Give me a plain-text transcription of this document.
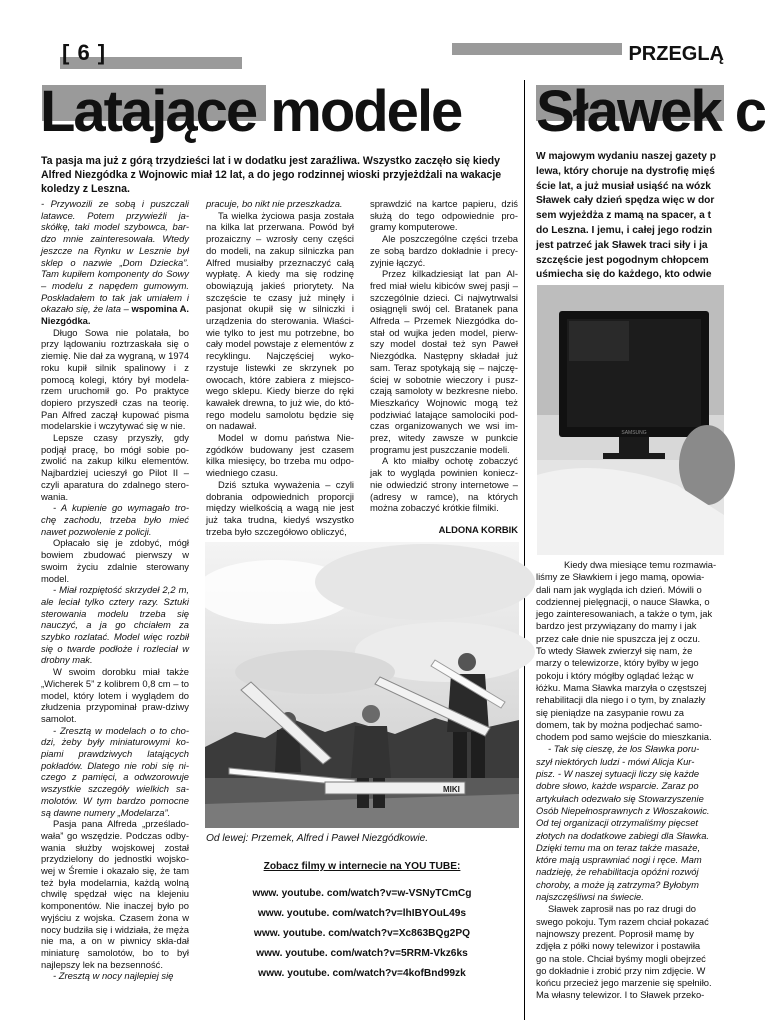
[ 6 ]	PRZEGLĄ
Latające modele
Ta pasja ma już z górą trzydzieści lat i w dodatku jest zaraźliwa. Wszystko zaczęło się kiedy Alfred Niezgódka z Wojnowic miał 12 lat, a do jego rodzinnej wioski przyjeżdżali na wakacje koledzy z Leszna.

- Przywozili ze sobą i puszczali latawce. Potem przywieźli ja-skółkę, taki model szybowca, bar-dzo mnie zainteresowała. Wtedy jeszcze na Rynku w Lesznie był sklep o nazwie „Dom Dziecka”. Tam kupiłem komponenty do Sowy – modelu z napędem gumowym. Poskładałem to tak jak umiałem i okazało się, że lata – wspomina A. Niezgódka.

Długo Sowa nie polatała, bo przy lądowaniu roztrzaskała się o ziemię. Nie dał za wygraną, w 1974 roku kupił silnik spalinowy i z pomocą kolegi, który był modela-rzem uruchomił go. Po praktyce dopiero przyszedł czas na teorię. Pan Alfred zaczął kupować pisma modelarskie i wczytywać się w nie.

Lepsze czasy przyszły, gdy podjął pracę, bo mógł sobie po-zwolić na zakup kilku elementów. Najbardziej ucieszył go Pilot II – czyli aparatura do zdalnego stero-wania.

- A kupienie go wymagało tro-chę zachodu, trzeba było mieć nawet pozwolenie z policji.

Opłacało się je zdobyć, mógł bowiem zbudować pierwszy w swoim życiu zdalnie sterowany model.

- Miał rozpiętość skrzydeł 2,2 m, ale leciał tylko cztery razy. Sztuki sterowania modelu trzeba się nauczyć, a ja go chciałem za szybko rozlatać. Model więc rozbił się o twarde podłoże i rozleciał w drobny mak.

W swoim dorobku miał także „Wicherek 5” z kolibrem 0,8 cm – to model, który lotem i wyglądem do złudzenia przypominał praw-dziwy samolot.

- Zresztą w modelach o to cho-dzi, żeby były miniaturowymi ko-piami prawdziwych latających pokładów. Dlatego nie robi się ni-czego z pamięci, a odwzorowuje wszystkie szczegóły wielkich sa-molotów. W tym bardzo pomocne są dawne numery „Modelarza”.

Pasja pana Alfreda „prześlado-wała” go wszędzie. Podczas odby-wania służby wojskowej został przydzielony do jednostki wojsko-wej w Śremie i okazało się, że tam też była modelarnia, każdą wolną chwilę spędzał więc na klejeniu komponentów. Nie inaczej było po wyjściu z wojska. Czasem żona w nocy budziła się i widziała, że męża nie ma, a on w piwnicy skła-dał miniaturę samolotów, bo to był najlepszy lek na bezsenność.

- Zresztą w nocy najlepiej się

pracuje, bo nikt nie przeszkadza.

Ta wielka życiowa pasja została na kilka lat przerwana. Powód był prozaiczny – wzrosły ceny części do modeli, na zakup silniczka pan Alfred musiałby przeznaczyć całą wypłatę. A kiedy ma się rodzinę obowiązują jakieś priorytety. Na szczęście te czasy już minęły i pasjonat okupił się w silniczki i urządzenia do sterowania. Właści-wie tylko to jest mu potrzebne, bo cały model powstaje z elementów z recyklingu. Najczęściej wyko-rzystuje listewki ze skrzynek po owocach, które zabiera z miejsco-wego sklepu. Kiedy bierze do ręki kawałek drewna, to już wie, do któ-rego modelu samolotu będzie się on nadawał.

Model w domu państwa Nie-zgódków budowany jest czasem kilka miesięcy, bo trzeba mu odpo-wiedniego czasu.

Dziś sztuka wyważenia – czyli dobrania odpowiednich proporcji między wielkością a wagą nie jest już taka trudna, kiedyś wszystko trzeba było szczegółowo obliczyć,

sprawdzić na kartce papieru, dziś służą do tego odpowiednie pro-gramy komputerowe.

Ale poszczególne części trzeba ze sobą bardzo dokładnie i precy-zyjnie łączyć.

Przez kilkadziesiąt lat pan Al-fred miał wielu kibiców swej pasji – szczególnie dzieci. Ci najwytrwalsi osiągnęli swój cel. Bratanek pana Alfreda – Przemek Niezgódka do-stał od wujka jeden model, pierw-szy model dostał też syn Paweł Niezgódka. Następny składał już sam. Teraz spotykają się – najczę-ściej w sobotnie wieczory i pusz-czają samoloty w bezkresne niebo. Mieszkańcy Wojnowic mogą też podziwiać latające samolociki pod-czas organizowanych we wsi im-prez, witedy zawsze w punkcie programu jest puszczanie modeli.

A kto miałby ochotę zobaczyć jak to wygląda powinien koniecz-nie odwiedzić strony internetowe – (adresy w ramce), na których można zobaczyć krótkie filmiki.

ALDONA KORBIK
MIKI
Od lewej: Przemek, Alfred i Paweł Niezgódkowie.
Zobacz filmy w internecie na YOU TUBE:
www. youtube. com/watch?v=w-VSNyTCmCg
www. youtube. com/watch?v=lhIBYOuL49s
www. youtube. com/watch?v=Xc863BQg2PQ
www. youtube. com/watch?v=5RRM-Vkz6ks
www. youtube. com/watch?v=4kofBnd99zk
Sławek c
W majowym wydaniu naszej gazety p
lewa, który choruje na dystrofię mięś
ście lat, a już musiał usiąść na wózk
Sławek cały dzień spędza więc w dor
sem wyjeżdża z mamą na spacer, a t
do Leszna. I jemu, i całej jego rodzin
jest patrzeć jak Sławek traci siły i ja
szczęście jest pogodnym chłopcem
uśmiecha się do każdego, kto odwie
SAMSUNG

Kiedy dwa miesiące temu rozmawia-

liśmy ze Sławkiem i jego mamą, opowia-

dali nam jak wygląda ich dzień. Mówili o

codziennej pielęgnacji, o nauce Sławka, o

jego zainteresowaniach, a także o tym, jak

bardzo jest przywiązany do mamy i jak

przez całe dnie nie spuszcza jej z oczu.

To wtedy Sławek zwierzył się nam, że

marzy o telewizorze, który byłby w jego

pokoju i który mógłby oglądać leżąc w

łóżku. Mama Sławka marzyła o częstszej

rehabilitacji dla niego i o tym, by znalazły

się pieniądze na zasypanie rowu za

domem, tak by można podjechać samo-

chodem pod samo wejście do mieszkania.

- Tak się cieszę, że los Sławka poru-

szył niektórych ludzi - mówi Alicja Kur-

pisz. - W naszej sytuacji liczy się każde

dobre słowo, każde wsparcie. Zaraz po

artykułach odezwało się Stowarzyszenie

Osób Niepełnosprawnych z Włoszakowic.

Od tej organizacji otrzymaliśmy pięcset

złotych na dodatkowe zabiegi dla Sławka.

Dzięki temu ma on teraz także masaże,

które mają usprawniać nogi i ręce. Mam

nadzieję, że rehabilitacja opóźni rozwój

choroby, a może ją zatrzyma? Byłobym

najszczęśliwsi na świecie.

Sławek zaprosił nas po raz drugi do

swego pokoju. Tym razem chciał pokazać

najnowszy prezent. Poprosił mamę by

zdjęła z półki nowy telewizor i postawiła

go na stole. Chciał byśmy mogli obejrzeć

go dokładnie i zrobić przy nim zdjęcie. W

końcu przecież jego marzenie się spełniło.

Ma własny telewizor. I to Sławek przeko-
